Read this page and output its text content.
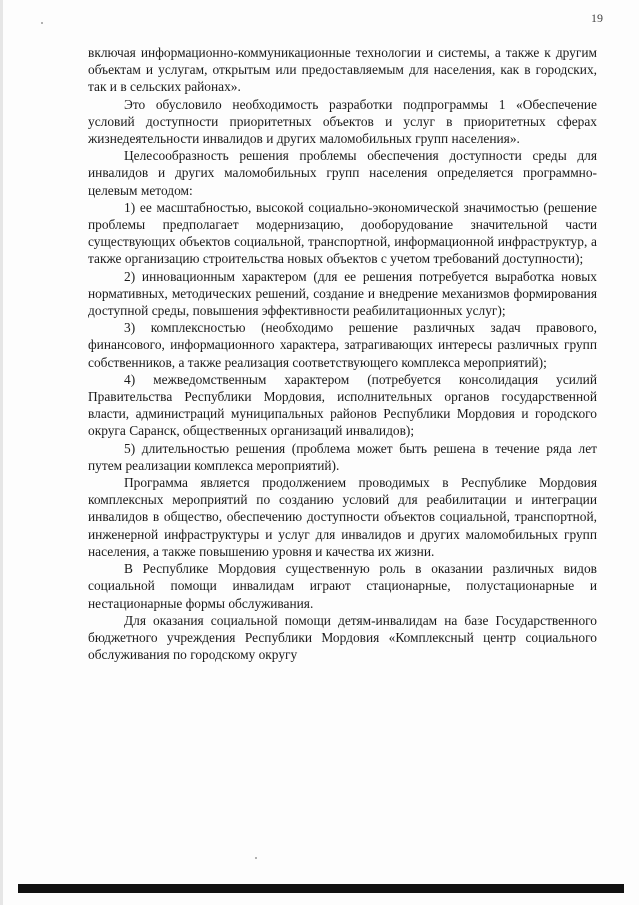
19

включая информационно-коммуникационные технологии и системы, а также к другим объектам и услугам, открытым или предоставляемым для населения, как в городских, так и в сельских районах».

Это обусловило необходимость разработки подпрограммы 1 «Обеспечение условий доступности приоритетных объектов и услуг в приоритетных сферах жизнедеятельности инвалидов и других маломобильных групп населения».

Целесообразность решения проблемы обеспечения доступности среды для инвалидов и других маломобильных групп населения определяется программно-целевым методом:

1) ее масштабностью, высокой социально-экономической значимостью (решение проблемы предполагает модернизацию, дооборудование значительной части существующих объектов социальной, транспортной, информационной инфраструктур, а также организацию строительства новых объектов с учетом требований доступности);

2) инновационным характером (для ее решения потребуется выработка новых нормативных, методических решений, создание и внедрение механизмов формирования доступной среды, повышения эффективности реабилитационных услуг);

3) комплексностью (необходимо решение различных задач правового, финансового, информационного характера, затрагивающих интересы различных групп собственников, а также реализация соответствующего комплекса мероприятий);

4) межведомственным характером (потребуется консолидация усилий Правительства Республики Мордовия, исполнительных органов государственной власти, администраций муниципальных районов Республики Мордовия и городского округа Саранск, общественных организаций инвалидов);

5) длительностью решения (проблема может быть решена в течение ряда лет путем реализации комплекса мероприятий).

Программа является продолжением проводимых в Республике Мордовия комплексных мероприятий по созданию условий для реабилитации и интеграции инвалидов в общество, обеспечению доступности объектов социальной, транспортной, инженерной инфраструктуры и услуг для инвалидов и других маломобильных групп населения, а также повышению уровня и качества их жизни.

В Республике Мордовия существенную роль в оказании различных видов социальной помощи инвалидам играют стационарные, полустационарные и нестационарные формы обслуживания.

Для оказания социальной помощи детям-инвалидам на базе Государственного бюджетного учреждения Республики Мордовия «Комплексный центр социального обслуживания по городскому округу
